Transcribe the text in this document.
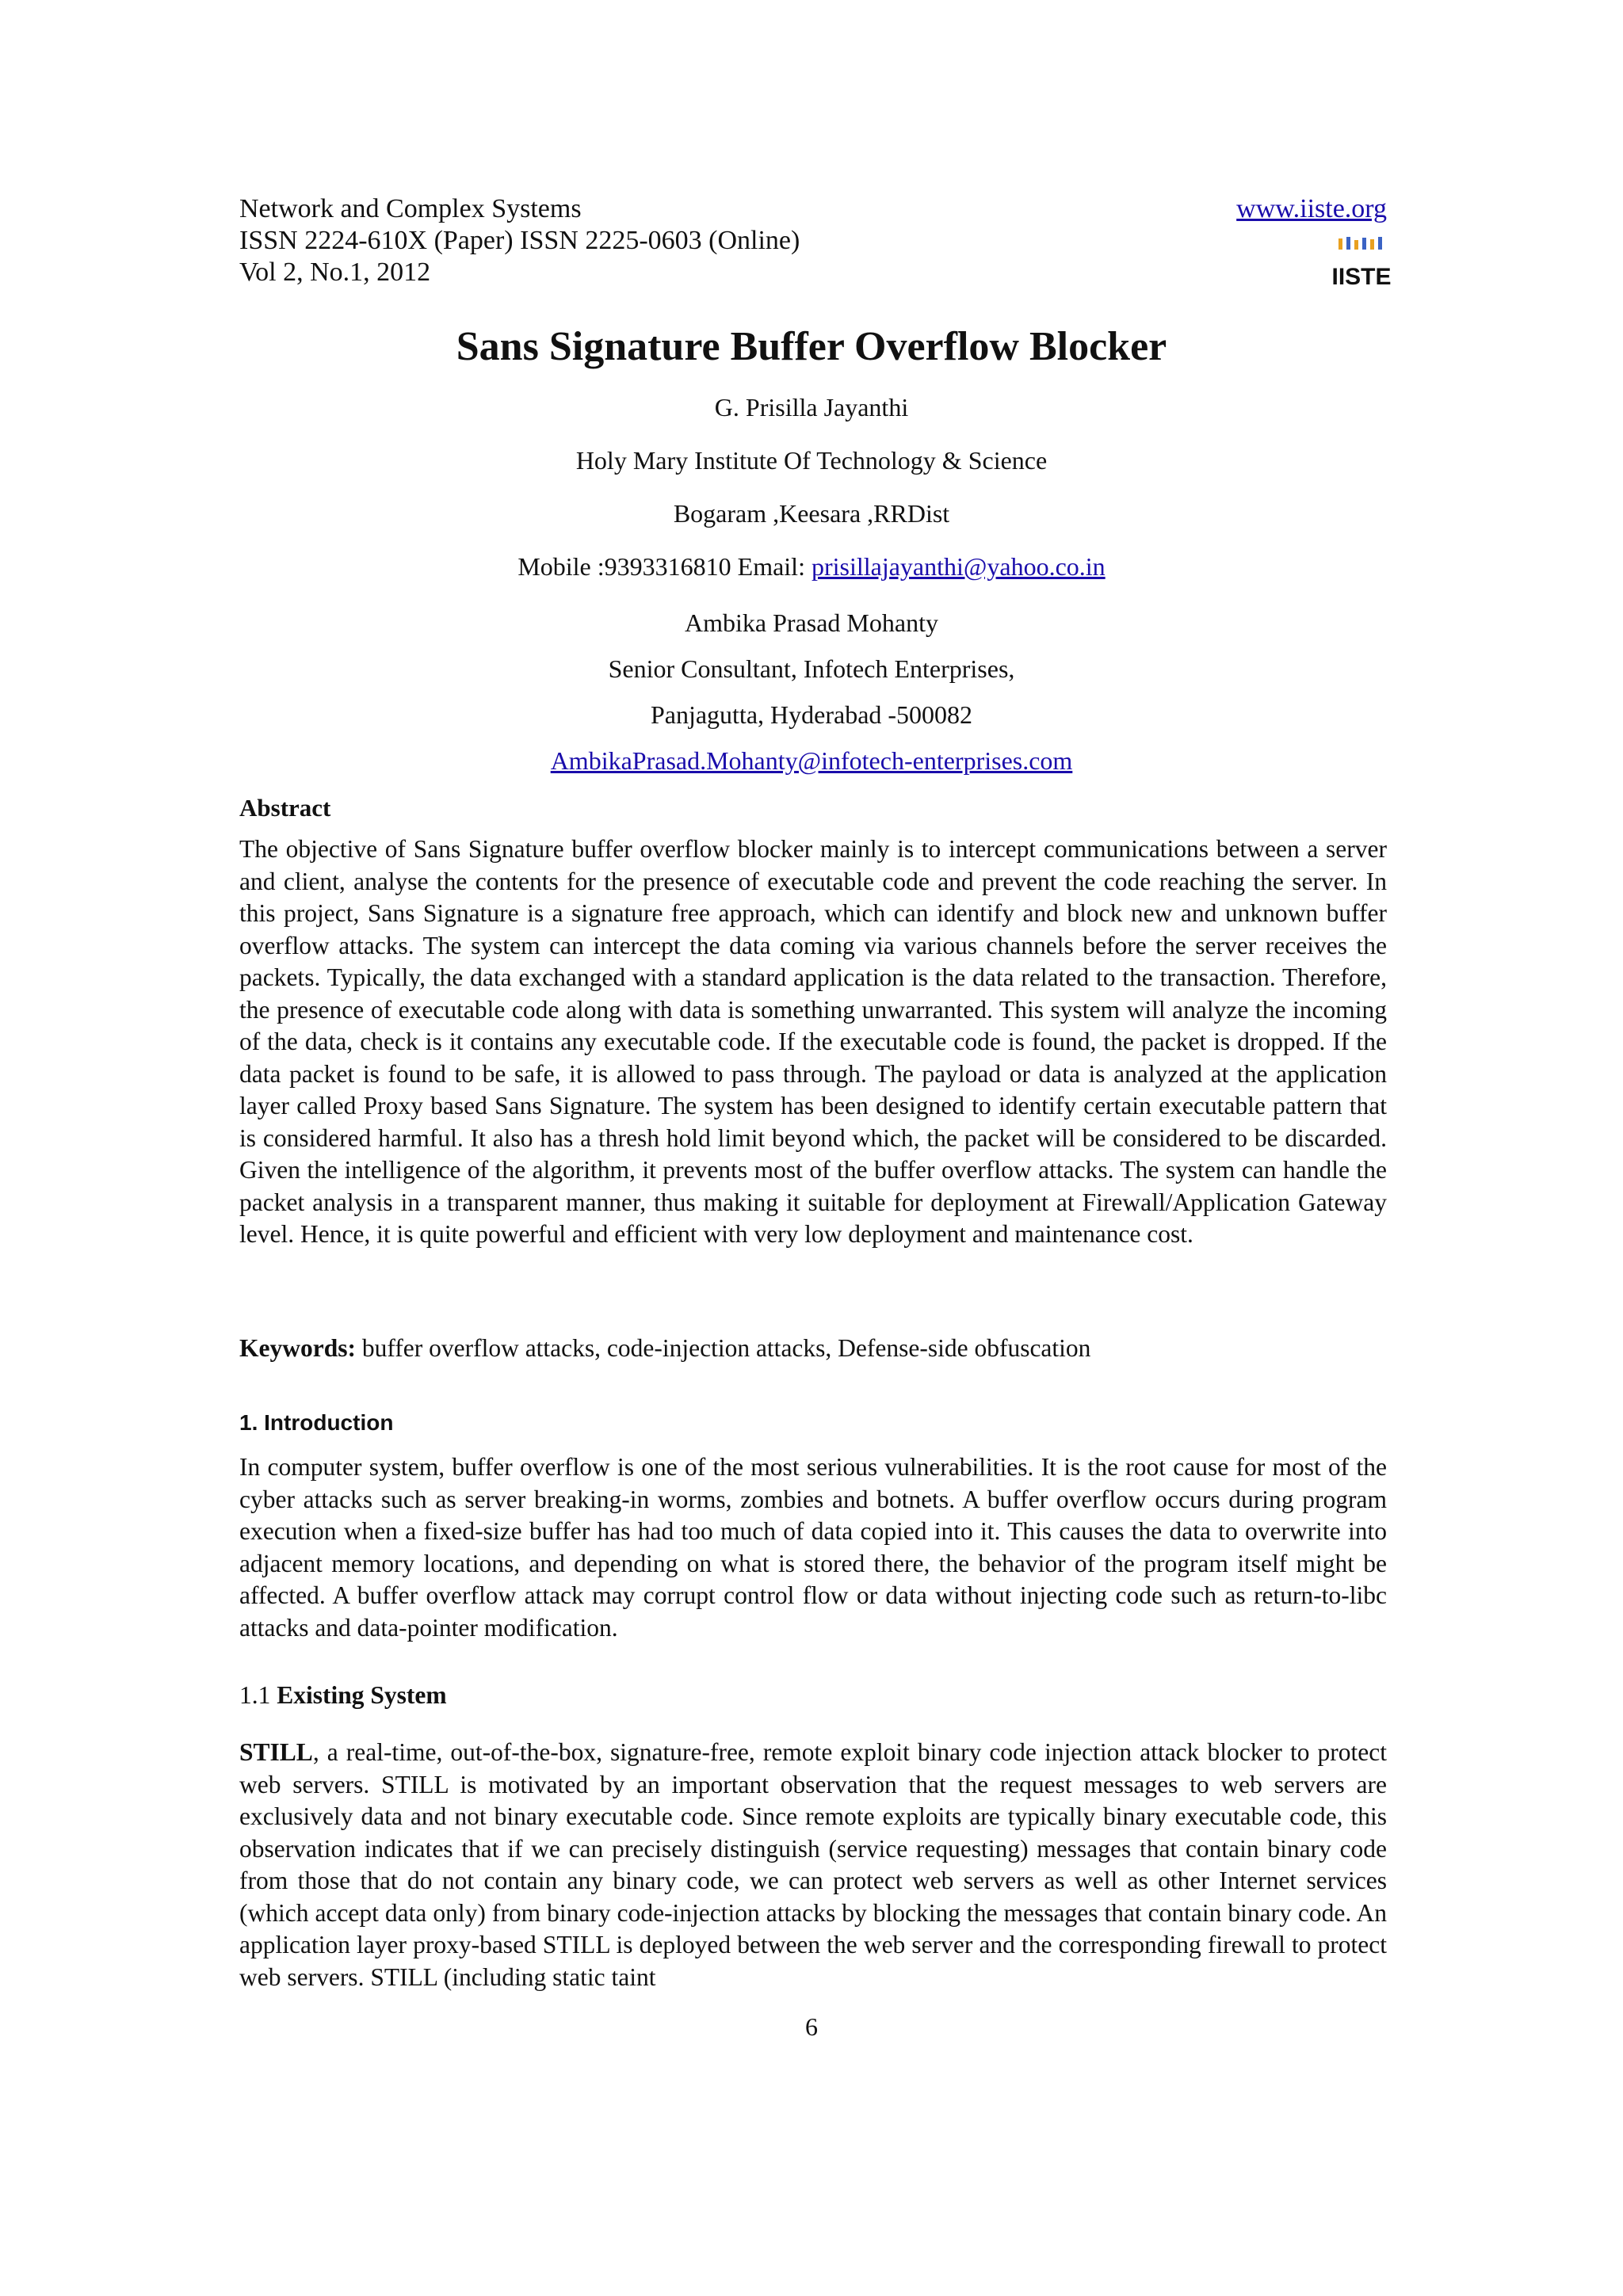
Network and Complex Systems
ISSN 2224-610X (Paper) ISSN 2225-0603 (Online)
Vol 2, No.1, 2012
www.iiste.org
IISTE
Sans Signature Buffer Overflow Blocker
G. Prisilla Jayanthi
Holy Mary Institute Of Technology & Science
Bogaram ,Keesara ,RRDist
Mobile :9393316810 Email: prisillajayanthi@yahoo.co.in
Ambika Prasad Mohanty
Senior Consultant, Infotech Enterprises,
Panjagutta, Hyderabad -500082
AmbikaPrasad.Mohanty@infotech-enterprises.com
Abstract

The objective of Sans Signature buffer overflow blocker mainly is to intercept communications between a server and client, analyse the contents for the presence of executable code and prevent the code reaching the server. In this project, Sans Signature is a signature free approach, which can identify and block new and unknown buffer overflow attacks. The system can intercept the data coming via various channels before the server receives the packets. Typically, the data exchanged with a standard application is the data related to the transaction. Therefore, the presence of executable code along with data is something unwarranted. This system will analyze the incoming of the data, check is it contains any executable code. If the executable code is found, the packet is dropped. If the data packet is found to be safe, it is allowed to pass through. The payload or data is analyzed at the application layer called Proxy based Sans Signature. The system has been designed to identify certain executable pattern that is considered harmful. It also has a thresh hold limit beyond which, the packet will be considered to be discarded. Given the intelligence of the algorithm, it prevents most of the buffer overflow attacks. The system can handle the packet analysis in a transparent manner, thus making it suitable for deployment at Firewall/Application Gateway level. Hence, it is quite powerful and efficient with very low deployment and maintenance cost.

Keywords: buffer overflow attacks, code-injection attacks, Defense-side obfuscation

1. Introduction

In computer system, buffer overflow is one of the most serious vulnerabilities. It is the root cause for most of the cyber attacks such as server breaking-in worms, zombies and botnets. A buffer overflow occurs during program execution when a fixed-size buffer has had too much of data copied into it. This causes the data to overwrite into adjacent memory locations, and depending on what is stored there, the behavior of the program itself might be affected. A buffer overflow attack may corrupt control flow or data without injecting code such as return-to-libc attacks and data-pointer modification.

1.1 Existing System

STILL, a real-time, out-of-the-box, signature-free, remote exploit binary code injection attack blocker to protect web servers. STILL is motivated by an important observation that the request messages to web servers are exclusively data and not binary executable code. Since remote exploits are typically binary executable code, this observation indicates that if we can precisely distinguish (service requesting) messages that contain binary code from those that do not contain any binary code, we can protect web servers as well as other Internet services (which accept data only) from binary code-injection attacks by blocking the messages that contain binary code. An application layer proxy-based STILL is deployed between the web server and the corresponding firewall to protect web servers. STILL (including static taint

6
